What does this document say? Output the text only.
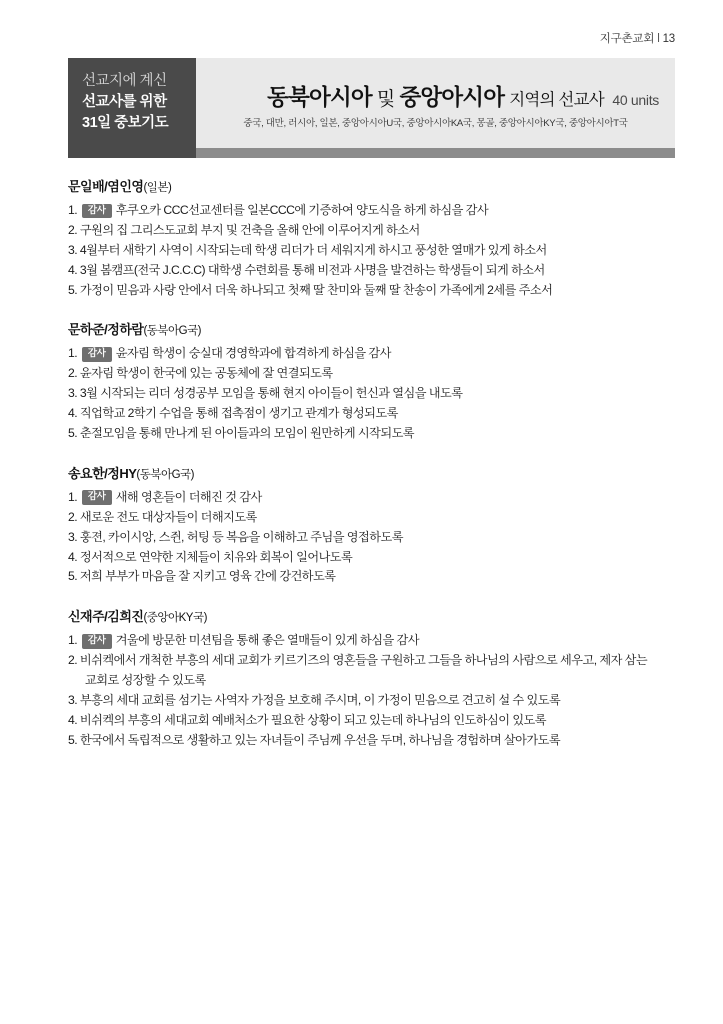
지구촌교회 l 13
선교지에 계신
선교사를 위한
31일 중보기도
동북아시아 및 중앙아시아 지역의 선교사 40 units
중국, 대만, 러시아, 일본, 중앙아시아U국, 중앙아시아KA국, 몽골, 중앙아시아KY국, 중앙아시아T국
문일배/염인영(일본)
1. 감사 후쿠오카 CCC선교센터를 일본CCC에 기증하여 양도식을 하게 하심을 감사
2. 구원의 집 그리스도교회 부지 및 건축을 올해 안에 이루어지게 하소서
3. 4월부터 새학기 사역이 시작되는데 학생 리더가 더 세워지게 하시고 풍성한 열매가 있게 하소서
4. 3월 봄캠프(전국 J.C.C.C) 대학생 수련회를 통해 비전과 사명을 발견하는 학생들이 되게 하소서
5. 가정이 믿음과 사랑 안에서 더욱 하나되고 첫째 딸 찬미와 둘째 딸 찬송이 가족에게 2세를 주소서
문하준/정하람(동북아G국)
1. 감사 윤자림 학생이 숭실대 경영학과에 합격하게 하심을 감사
2. 윤자림 학생이 한국에 있는 공동체에 잘 연결되도록
3. 3월 시작되는 리더 성경공부 모임을 통해 현지 아이들이 헌신과 열심을 내도록
4. 직업학교 2학기 수업을 통해 접촉점이 생기고 관계가 형성되도록
5. 춘절모임을 통해 만나게 된 아이들과의 모임이 원만하게 시작되도록
송요한/정HY(동북아G국)
1. 감사 새해 영혼들이 더해진 것 감사
2. 새로운 전도 대상자들이 더해지도록
3. 훙젼, 카이시앙, 스쥔, 허팅 등 복음을 이해하고 주님을 영접하도록
4. 정서적으로 연약한 지체들이 치유와 회복이 일어나도록
5. 저희 부부가 마음을 잘 지키고 영육 간에 강건하도록
신재주/김희진(중앙아KY국)
1. 감사 겨울에 방문한 미션팀을 통해 좋은 열매들이 있게 하심을 감사
2. 비쉬켁에서 개척한 부흥의 세대 교회가 키르기즈의 영혼들을 구원하고 그들을 하나님의 사람으로 세우고, 제자 삼는
교회로 성장할 수 있도록
3. 부흥의 세대 교회를 섬기는 사역자 가정을 보호해 주시며, 이 가정이 믿음으로 견고히 설 수 있도록
4. 비쉬켁의 부흥의 세대교회 예배처소가 필요한 상황이 되고 있는데 하나님의 인도하심이 있도록
5. 한국에서 독립적으로 생활하고 있는 자녀들이 주님께 우선을 두며, 하나님을 경험하며 살아가도록
